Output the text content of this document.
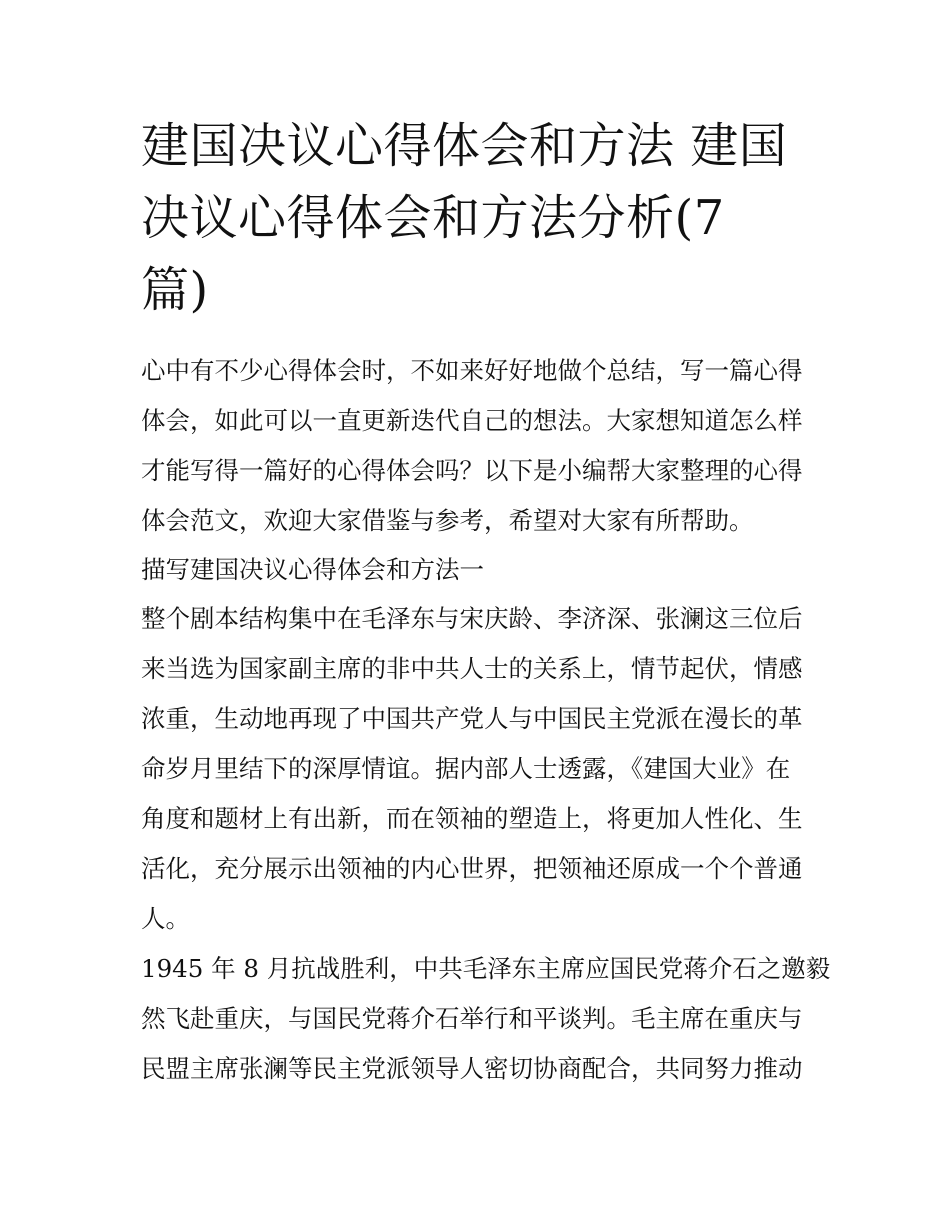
建国决议心得体会和方法 建国
决议心得体会和方法分析(7
篇)

心中有不少心得体会时，不如来好好地做个总结，写一篇心得
体会，如此可以一直更新迭代自己的想法。大家想知道怎么样
才能写得一篇好的心得体会吗？以下是小编帮大家整理的心得
体会范文，欢迎大家借鉴与参考，希望对大家有所帮助。

描写建国决议心得体会和方法一

整个剧本结构集中在毛泽东与宋庆龄、李济深、张澜这三位后
来当选为国家副主席的非中共人士的关系上，情节起伏，情感
浓重，生动地再现了中国共产党人与中国民主党派在漫长的革
命岁月里结下的深厚情谊。据内部人士透露，《建国大业》在
角度和题材上有出新，而在领袖的塑造上，将更加人性化、生
活化，充分展示出领袖的内心世界，把领袖还原成一个个普通
人。

1945 年 8 月抗战胜利，中共毛泽东主席应国民党蒋介石之邀毅
然飞赴重庆，与国民党蒋介石举行和平谈判。毛主席在重庆与
民盟主席张澜等民主党派领导人密切协商配合，共同努力推动
